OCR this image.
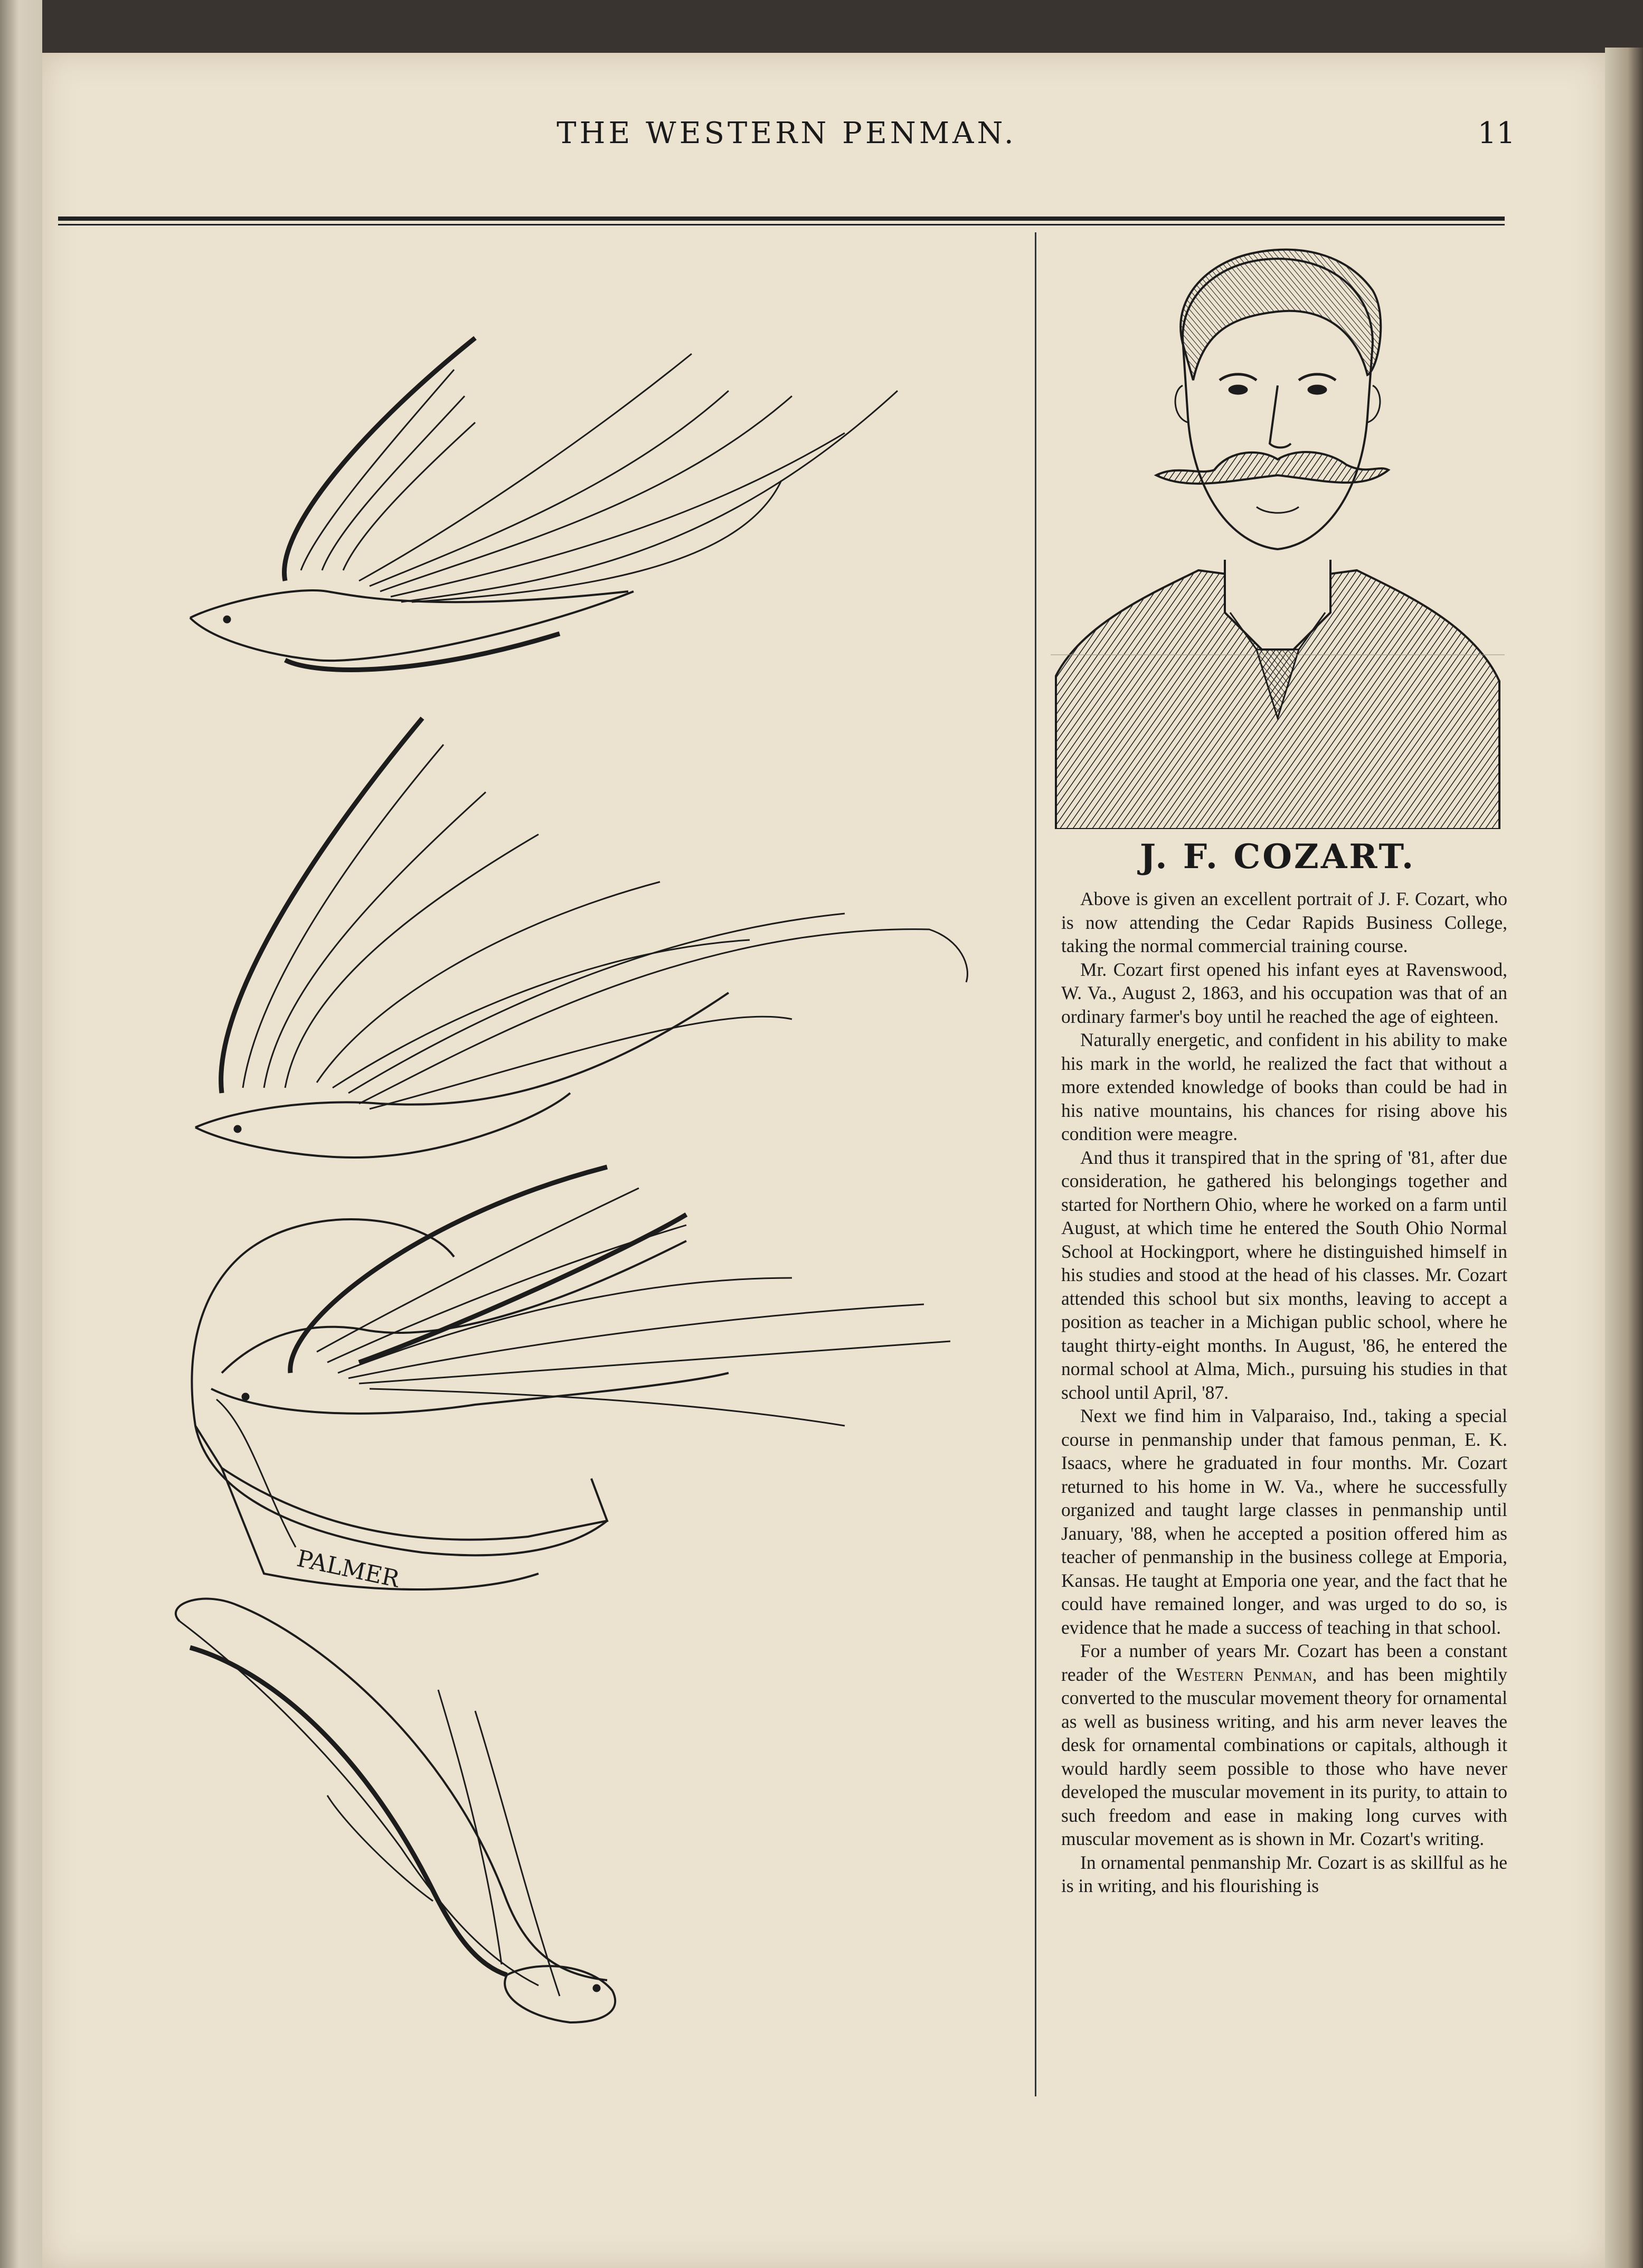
THE WESTERN PENMAN.	11
PALMER
J. F. COZART.

Above is given an excellent portrait of J. F. Cozart, who is now attending the Cedar Rapids Business College, taking the normal commercial training course.

Mr. Cozart first opened his infant eyes at Ravenswood, W. Va., August 2, 1863, and his occupation was that of an ordinary farmer's boy until he reached the age of eighteen.

Naturally energetic, and confident in his ability to make his mark in the world, he realized the fact that without a more extended knowledge of books than could be had in his native mountains, his chances for rising above his condition were meagre.

And thus it transpired that in the spring of '81, after due consideration, he gathered his belongings together and started for Northern Ohio, where he worked on a farm until August, at which time he entered the South Ohio Normal School at Hockingport, where he distinguished himself in his studies and stood at the head of his classes. Mr. Cozart attended this school but six months, leaving to accept a position as teacher in a Michigan public school, where he taught thirty-eight months. In August, '86, he entered the normal school at Alma, Mich., pursuing his studies in that school until April, '87.

Next we find him in Valparaiso, Ind., taking a special course in penmanship under that famous penman, E. K. Isaacs, where he graduated in four months. Mr. Cozart returned to his home in W. Va., where he successfully organized and taught large classes in penmanship until January, '88, when he accepted a position offered him as teacher of penmanship in the business college at Emporia, Kansas. He taught at Emporia one year, and the fact that he could have remained longer, and was urged to do so, is evidence that he made a success of teaching in that school.

For a number of years Mr. Cozart has been a constant reader of the Western Penman, and has been mightily converted to the muscular movement theory for ornamental as well as business writing, and his arm never leaves the desk for ornamental combinations or capitals, although it would hardly seem possible to those who have never developed the muscular movement in its purity, to attain to such freedom and ease in making long curves with muscular movement as is shown in Mr. Cozart's writing.

In ornamental penmanship Mr. Cozart is as skillful as he is in writing, and his flourishing is
